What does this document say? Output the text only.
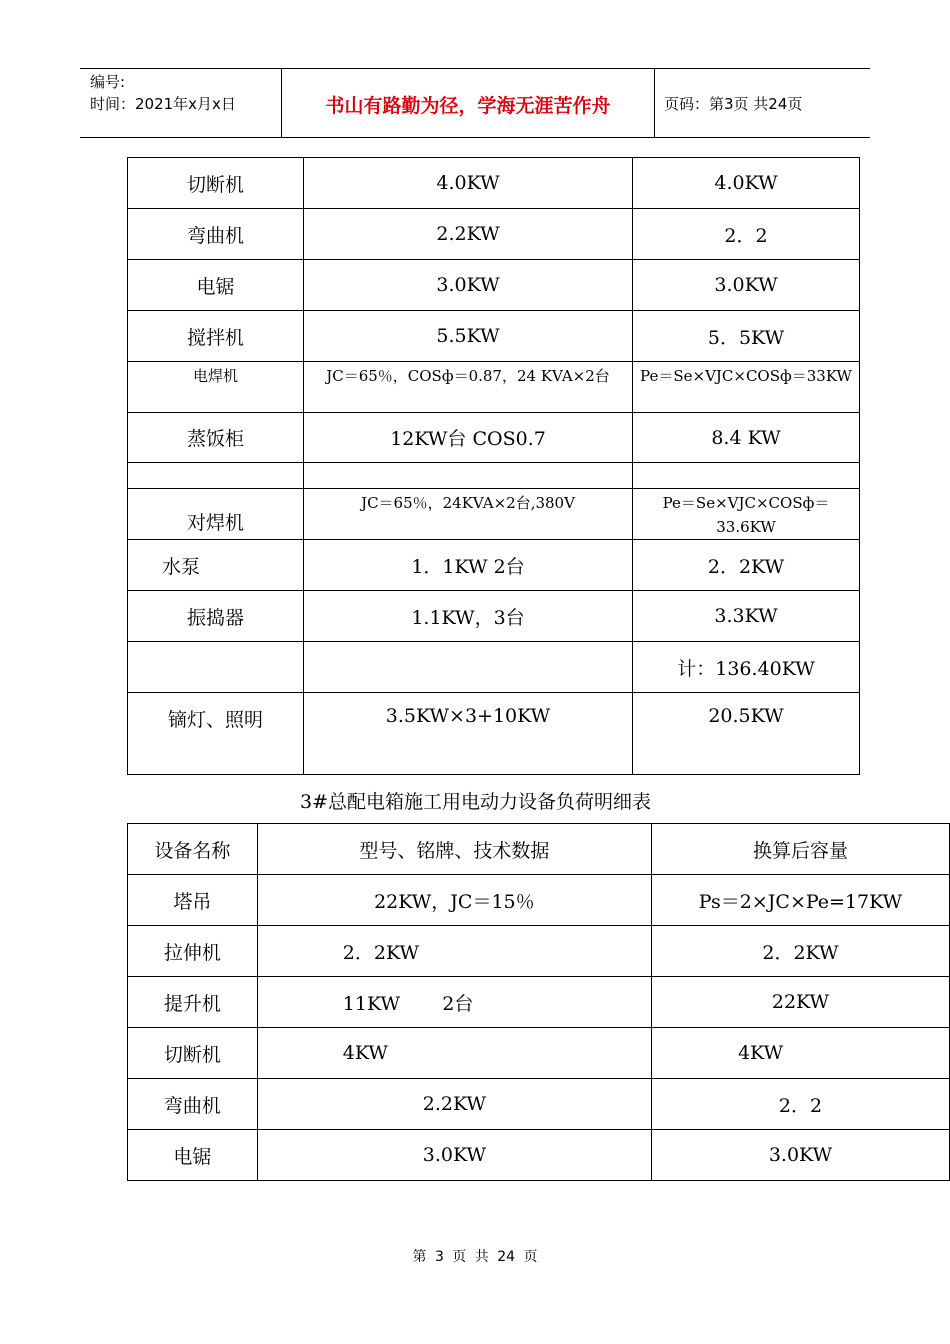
编号:
时间：2021年x月x日	书山有路勤为径，学海无涯苦作舟	页码：第3页 共24页
切断机	4.0KW	4.0KW
弯曲机	2.2KW	2．2
电锯	3.0KW	3.0KW
搅拌机	5.5KW	5．5KW
电焊机	JC＝65％，COSф＝0.87，24 KVA×2台	Pe＝Se×VJC×COSф＝33KW
蒸饭柜	12KW台 COS0.7	8.4 KW

对焊机	JC＝65％，24KVA×2台,380V	Pe＝Se×VJC×COSф＝33.6KW
水泵	1．1KW 2台	2．2KW
振捣器	1.1KW，3台	3.3KW
		计：136.40KW
镝灯、照明	3.5KW×3+10KW	20.5KW
3#总配电箱施工用电动力设备负荷明细表
设备名称	型号、铭牌、技术数据	换算后容量
塔吊	22KW，JC＝15％	Ps＝2×JC×Pe=17KW
拉伸机	2．2KW	2．2KW
提升机	11KW       2台	22KW
切断机	4KW	4KW
弯曲机	2.2KW	2．2
电锯	3.0KW	3.0KW
第 3 页 共 24 页
